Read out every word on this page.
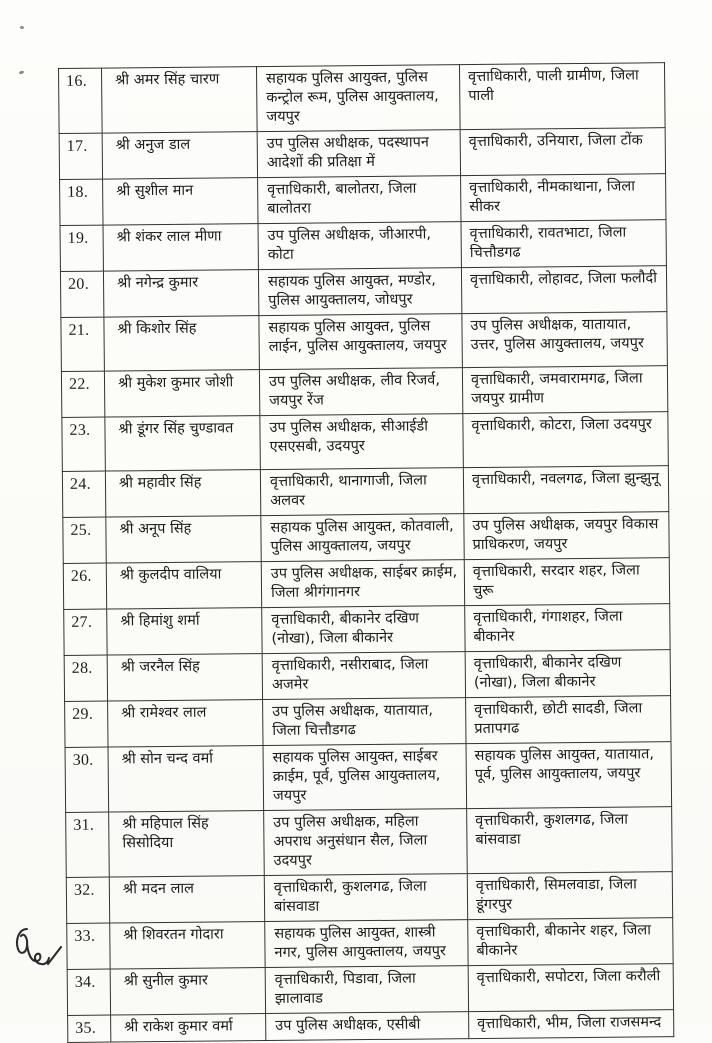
16.	श्री अमर सिंह चारण	सहायक पुलिस आयुक्त, पुलिस कन्ट्रोल रूम, पुलिस आयुक्तालय, जयपुर	वृत्ताधिकारी, पाली ग्रामीण, जिला पाली
17.	श्री अनुज डाल	उप पुलिस अधीक्षक, पदस्थापन आदेशों की प्रतिक्षा में	वृत्ताधिकारी, उनियारा, जिला टोंक
18.	श्री सुशील मान	वृत्ताधिकारी, बालोतरा, जिला बालोतरा	वृत्ताधिकारी, नीमकाथाना, जिला सीकर
19.	श्री शंकर लाल मीणा	उप पुलिस अधीक्षक, जीआरपी, कोटा	वृत्ताधिकारी, रावतभाटा, जिला चित्तौडगढ
20.	श्री नगेन्द्र कुमार	सहायक पुलिस आयुक्त, मण्डोर, पुलिस आयुक्तालय, जोधपुर	वृत्ताधिकारी, लोहावट, जिला फलौदी
21.	श्री किशोर सिंह	सहायक पुलिस आयुक्त, पुलिस लाईन, पुलिस आयुक्तालय, जयपुर	उप पुलिस अधीक्षक, यातायात, उत्तर, पुलिस आयुक्तालय, जयपुर
22.	श्री मुकेश कुमार जोशी	उप पुलिस अधीक्षक, लीव रिजर्व, जयपुर रेंज	वृत्ताधिकारी, जमवारामगढ, जिला जयपुर ग्रामीण
23.	श्री डूंगर सिंह चुण्डावत	उप पुलिस अधीक्षक, सीआईडी एसएसबी, उदयपुर	वृत्ताधिकारी, कोटरा, जिला उदयपुर
24.	श्री महावीर सिंह	वृत्ताधिकारी, थानागाजी, जिला अलवर	वृत्ताधिकारी, नवलगढ, जिला झुन्झुनू
25.	श्री अनूप सिंह	सहायक पुलिस आयुक्त, कोतवाली, पुलिस आयुक्तालय, जयपुर	उप पुलिस अधीक्षक, जयपुर विकास प्राधिकरण, जयपुर
26.	श्री कुलदीप वालिया	उप पुलिस अधीक्षक, साईबर क्राईम, जिला श्रीगंगानगर	वृत्ताधिकारी, सरदार शहर, जिला चुरू
27.	श्री हिमांशु शर्मा	वृत्ताधिकारी, बीकानेर दखिण (नोखा), जिला बीकानेर	वृत्ताधिकारी, गंगाशहर, जिला बीकानेर
28.	श्री जरनैल सिंह	वृत्ताधिकारी, नसीराबाद, जिला अजमेर	वृत्ताधिकारी, बीकानेर दखिण (नोखा), जिला बीकानेर
29.	श्री रामेश्वर लाल	उप पुलिस अधीक्षक, यातायात, जिला चित्तौडगढ	वृत्ताधिकारी, छोटी सादडी, जिला प्रतापगढ
30.	श्री सोन चन्द वर्मा	सहायक पुलिस आयुक्त, साईबर क्राईम, पूर्व, पुलिस आयुक्तालय, जयपुर	सहायक पुलिस आयुक्त, यातायात, पूर्व, पुलिस आयुक्तालय, जयपुर
31.	श्री महिपाल सिंह सिसोदिया	उप पुलिस अधीक्षक, महिला अपराध अनुसंधान सैल, जिला उदयपुर	वृत्ताधिकारी, कुशलगढ, जिला बांसवाडा
32.	श्री मदन लाल	वृत्ताधिकारी, कुशलगढ, जिला बांसवाडा	वृत्ताधिकारी, सिमलवाडा, जिला डूंगरपुर
33.	श्री शिवरतन गोदारा	सहायक पुलिस आयुक्त, शास्त्री नगर, पुलिस आयुक्तालय, जयपुर	वृत्ताधिकारी, बीकानेर शहर, जिला बीकानेर
34.	श्री सुनील कुमार	वृत्ताधिकारी, पिडावा, जिला झालावाड	वृत्ताधिकारी, सपोटरा, जिला करौली
35.	श्री राकेश कुमार वर्मा	उप पुलिस अधीक्षक, एसीबी	वृत्ताधिकारी, भीम, जिला राजसमन्द
